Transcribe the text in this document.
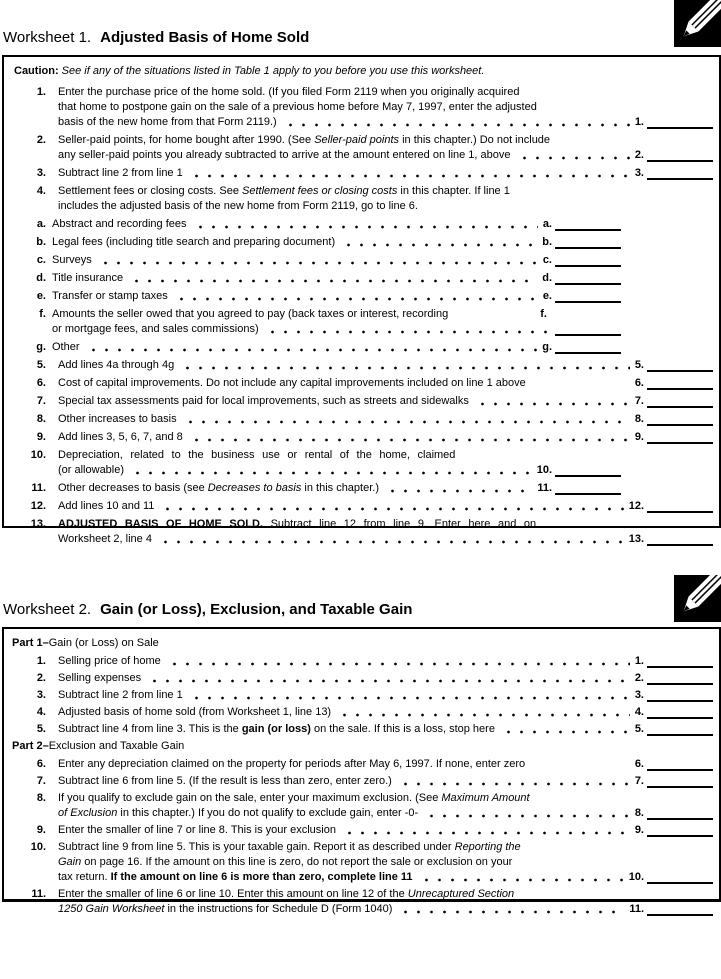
Worksheet 1. Adjusted Basis of Home Sold
Caution: See if any of the situations listed in Table 1 apply to you before you use this worksheet.
1.	Enter the purchase price of the home sold. (If you filed Form 2119 when you originally acquired
that home to postpone gain on the sale of a previous home before May 7, 1997, enter the adjusted
basis of the new home from that Form 2119.)	1.
2.	Seller-paid points, for home bought after 1990. (See Seller-paid points in this chapter.) Do not include
any seller-paid points you already subtracted to arrive at the amount entered on line 1, above	2.
3.	Subtract line 2 from line 1	3.
4.	Settlement fees or closing costs. See Settlement fees or closing costs in this chapter. If line 1
includes the adjusted basis of the new home from Form 2119, go to line 6.
a. Abstract and recording fees	a.
b. Legal fees (including title search and preparing document)	b.
c. Surveys	c.
d. Title insurance	d.
e. Transfer or stamp taxes	e.
f. Amounts the seller owed that you agreed to pay (back taxes or interest, recording	f.
or mortgage fees, and sales commissions)
g. Other	g.
5.	Add lines 4a through 4g	5.
6.	Cost of capital improvements. Do not include any capital improvements included on line 1 above	6.
7.	Special tax assessments paid for local improvements, such as streets and sidewalks	7.
8.	Other increases to basis	8.
9.	Add lines 3, 5, 6, 7, and 8	9.
10.	Depreciation, related to the business use or rental of the home, claimed
(or allowable)	10.
11.	Other decreases to basis (see Decreases to basis in this chapter.)	11.
12.	Add lines 10 and 11	12.
13.	ADJUSTED BASIS OF HOME SOLD. Subtract line 12 from line 9. Enter here and on
Worksheet 2, line 4	13.
Worksheet 2. Gain (or Loss), Exclusion, and Taxable Gain
Part 1–Gain (or Loss) on Sale
1.	Selling price of home	1.
2.	Selling expenses	2.
3.	Subtract line 2 from line 1	3.
4.	Adjusted basis of home sold (from Worksheet 1, line 13)	4.
5.	Subtract line 4 from line 3. This is the gain (or loss) on the sale. If this is a loss, stop here	5.
Part 2–Exclusion and Taxable Gain
6.	Enter any depreciation claimed on the property for periods after May 6, 1997. If none, enter zero	6.
7.	Subtract line 6 from line 5. (If the result is less than zero, enter zero.)	7.
8.	If you qualify to exclude gain on the sale, enter your maximum exclusion. (See Maximum Amount
of Exclusion in this chapter.) If you do not qualify to exclude gain, enter -0-	8.
9.	Enter the smaller of line 7 or line 8. This is your exclusion	9.
10.	Subtract line 9 from line 5. This is your taxable gain. Report it as described under Reporting the
Gain on page 16. If the amount on this line is zero, do not report the sale or exclusion on your
tax return. If the amount on line 6 is more than zero, complete line 11	10.
11.	Enter the smaller of line 6 or line 10. Enter this amount on line 12 of the Unrecaptured Section
1250 Gain Worksheet in the instructions for Schedule D (Form 1040)	11.
